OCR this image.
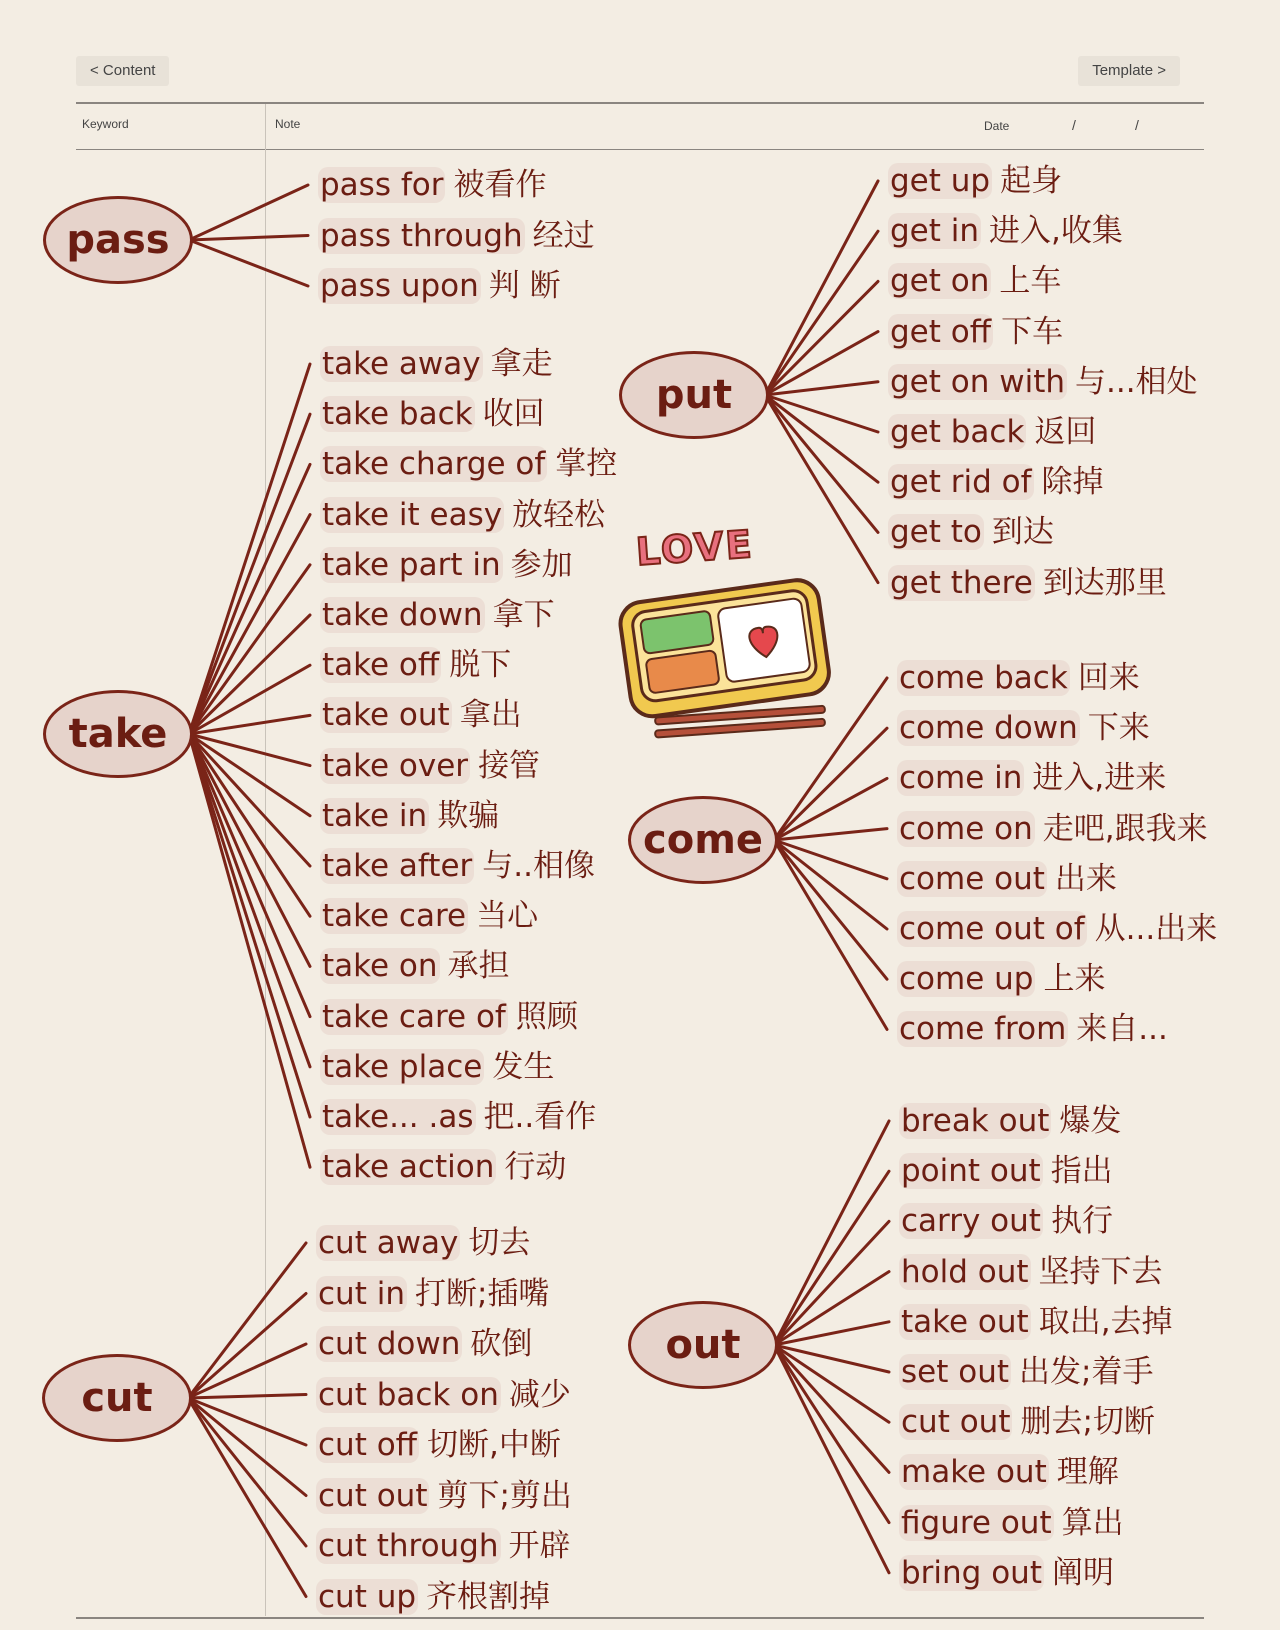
< Content	Template >
Keyword	Note	Date	/	/
pass
pass for 被看作
pass through 经过
pass upon 判 断
take
take away 拿走
take back 收回
take charge of 掌控
take it easy 放轻松
take part in 参加
take down 拿下
take off 脱下
take out 拿出
take over 接管
take in 欺骗
take after 与..相像
take care 当心
take on 承担
take care of 照顾
take place 发生
take... .as 把..看作
take action 行动
cut
cut away 切去
cut in 打断;插嘴
cut down 砍倒
cut back on 减少
cut off 切断,中断
cut out 剪下;剪出
cut through 开辟
cut up 齐根割掉
put
get up 起身
get in 进入,收集
get on 上车
get off 下车
get on with 与...相处
get back 返回
get rid of 除掉
get to 到达
get there 到达那里
come
come back 回来
come down 下来
come in 进入,进来
come on 走吧,跟我来
come out 出来
come out of 从...出来
come up 上来
come from 来自...
out
break out 爆发
point out 指出
carry out 执行
hold out 坚持下去
take out 取出,去掉
set out 出发;着手
cut out 删去;切断
make out 理解
figure out 算出
bring out 阐明
LOVE
